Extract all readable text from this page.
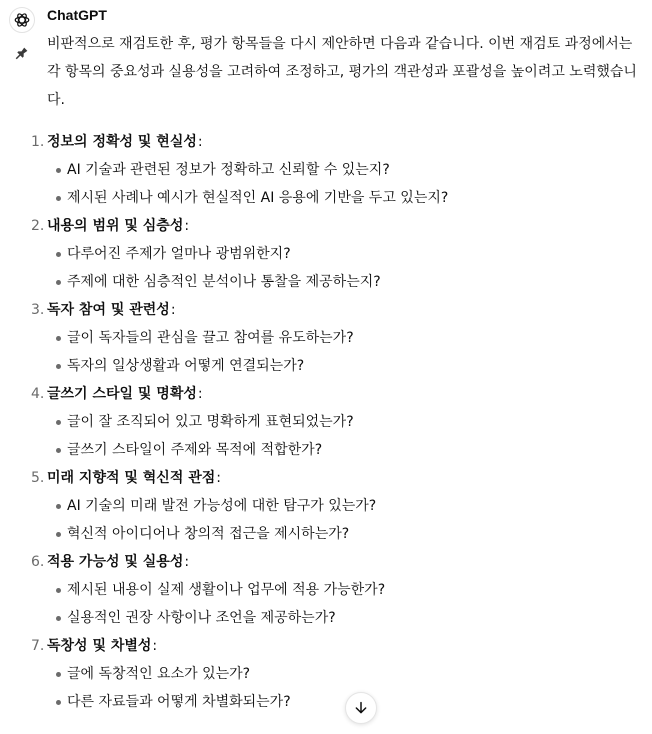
ChatGPT

비판적으로 재검토한 후, 평가 항목들을 다시 제안하면 다음과 같습니다. 이번 재검토 과정에서는 각 항목의 중요성과 실용성을 고려하여 조정하고, 평가의 객관성과 포괄성을 높이려고 노력했습니다.

1. 정보의 정확성 및 현실성 :
AI 기술과 관련된 정보가 정확하고 신뢰할 수 있는지?
제시된 사례나 예시가 현실적인 AI 응용에 기반을 두고 있는지?
2. 내용의 범위 및 심층성 :
다루어진 주제가 얼마나 광범위한지?
주제에 대한 심층적인 분석이나 통찰을 제공하는지?
3. 독자 참여 및 관련성 :
글이 독자들의 관심을 끌고 참여를 유도하는가?
독자의 일상생활과 어떻게 연결되는가?
4. 글쓰기 스타일 및 명확성 :
글이 잘 조직되어 있고 명확하게 표현되었는가?
글쓰기 스타일이 주제와 목적에 적합한가?
5. 미래 지향적 및 혁신적 관점 :
AI 기술의 미래 발전 가능성에 대한 탐구가 있는가?
혁신적 아이디어나 창의적 접근을 제시하는가?
6. 적용 가능성 및 실용성 :
제시된 내용이 실제 생활이나 업무에 적용 가능한가?
실용적인 권장 사항이나 조언을 제공하는가?
7. 독창성 및 차별성 :
글에 독창적인 요소가 있는가?
다른 자료들과 어떻게 차별화되는가?
